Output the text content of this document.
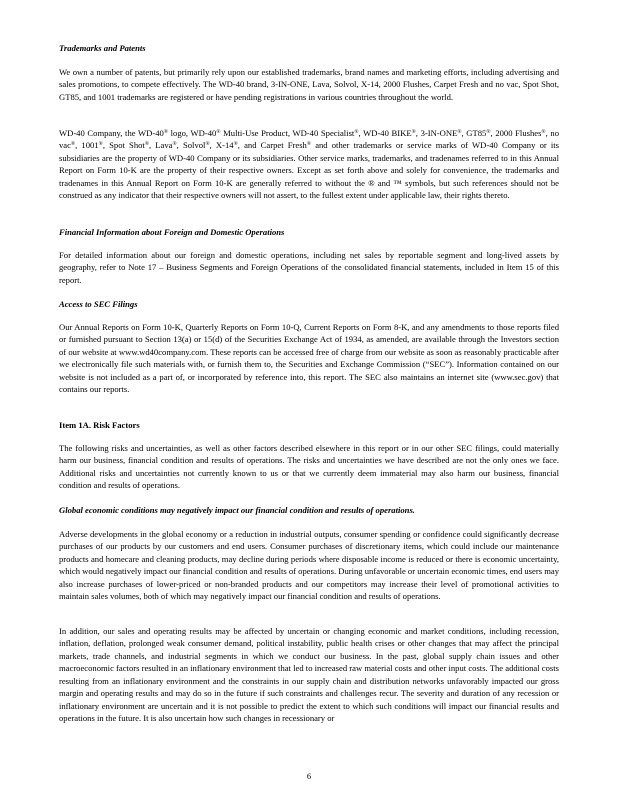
Trademarks and Patents

We own a number of patents, but primarily rely upon our established trademarks, brand names and marketing efforts, including advertising and sales promotions, to compete effectively. The WD-40 brand, 3-IN-ONE, Lava, Solvol, X-14, 2000 Flushes, Carpet Fresh and no vac, Spot Shot, GT85, and 1001 trademarks are registered or have pending registrations in various countries throughout the world.

WD-40 Company, the WD-40® logo, WD-40® Multi-Use Product, WD-40 Specialist®, WD-40 BIKE®, 3-IN-ONE®, GT85®, 2000 Flushes®, no vac®, 1001®, Spot Shot®, Lava®, Solvol®, X-14®, and Carpet Fresh® and other trademarks or service marks of WD-40 Company or its subsidiaries are the property of WD-40 Company or its subsidiaries. Other service marks, trademarks, and tradenames referred to in this Annual Report on Form 10-K are the property of their respective owners. Except as set forth above and solely for convenience, the trademarks and tradenames in this Annual Report on Form 10-K are generally referred to without the ® and ™ symbols, but such references should not be construed as any indicator that their respective owners will not assert, to the fullest extent under applicable law, their rights thereto.

Financial Information about Foreign and Domestic Operations

For detailed information about our foreign and domestic operations, including net sales by reportable segment and long-lived assets by geography, refer to Note 17 – Business Segments and Foreign Operations of the consolidated financial statements, included in Item 15 of this report.

Access to SEC Filings

Our Annual Reports on Form 10-K, Quarterly Reports on Form 10-Q, Current Reports on Form 8-K, and any amendments to those reports filed or furnished pursuant to Section 13(a) or 15(d) of the Securities Exchange Act of 1934, as amended, are available through the Investors section of our website at www.wd40company.com. These reports can be accessed free of charge from our website as soon as reasonably practicable after we electronically file such materials with, or furnish them to, the Securities and Exchange Commission (“SEC”). Information contained on our website is not included as a part of, or incorporated by reference into, this report. The SEC also maintains an internet site (www.sec.gov) that contains our reports.

Item 1A. Risk Factors

The following risks and uncertainties, as well as other factors described elsewhere in this report or in our other SEC filings, could materially harm our business, financial condition and results of operations. The risks and uncertainties we have described are not the only ones we face. Additional risks and uncertainties not currently known to us or that we currently deem immaterial may also harm our business, financial condition and results of operations.

Global economic conditions may negatively impact our financial condition and results of operations.

Adverse developments in the global economy or a reduction in industrial outputs, consumer spending or confidence could significantly decrease purchases of our products by our customers and end users. Consumer purchases of discretionary items, which could include our maintenance products and homecare and cleaning products, may decline during periods where disposable income is reduced or there is economic uncertainty, which would negatively impact our financial condition and results of operations. During unfavorable or uncertain economic times, end users may also increase purchases of lower-priced or non-branded products and our competitors may increase their level of promotional activities to maintain sales volumes, both of which may negatively impact our financial condition and results of operations.

In addition, our sales and operating results may be affected by uncertain or changing economic and market conditions, including recession, inflation, deflation, prolonged weak consumer demand, political instability, public health crises or other changes that may affect the principal markets, trade channels, and industrial segments in which we conduct our business. In the past, global supply chain issues and other macroeconomic factors resulted in an inflationary environment that led to increased raw material costs and other input costs. The additional costs resulting from an inflationary environment and the constraints in our supply chain and distribution networks unfavorably impacted our gross margin and operating results and may do so in the future if such constraints and challenges recur. The severity and duration of any recession or inflationary environment are uncertain and it is not possible to predict the extent to which such conditions will impact our financial results and operations in the future. It is also uncertain how such changes in recessionary or

6
